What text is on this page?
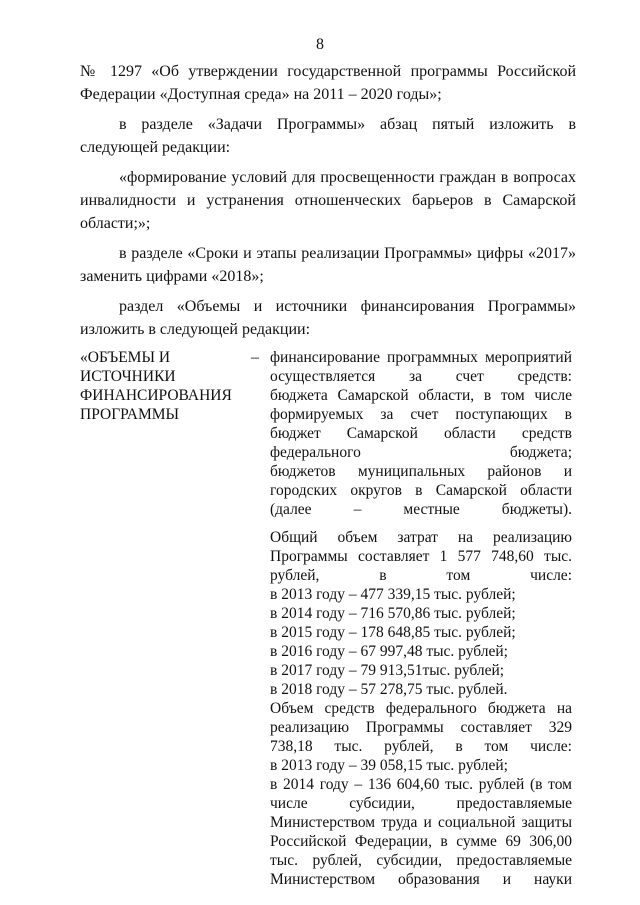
8

№ 1297 «Об утверждении государственной программы Российской Федерации «Доступная среда» на 2011 – 2020 годы»;

в разделе «Задачи Программы» абзац пятый изложить в следующей редакции:

«формирование условий для просвещенности граждан в вопросах инвалидности и устранения отношенческих барьеров в Самарской области;»;

в разделе «Сроки и этапы реализации Программы» цифры «2017» заменить цифрами «2018»;

раздел «Объемы и источники финансирования Программы» изложить в следующей редакции:

«ОБЪЕМЫ И ИСТОЧНИКИ ФИНАНСИРОВАНИЯ ПРОГРАММЫ
– финансирование программных мероприятий осуществляется за счет средств:
бюджета Самарской области, в том числе формируемых за счет поступающих в бюджет Самарской области средств федерального бюджета;
бюджетов муниципальных районов и городских округов в Самарской области (далее – местные бюджеты).
Общий объем затрат на реализацию Программы составляет 1 577 748,60 тыс. рублей, в том числе:
в 2013 году – 477 339,15 тыс. рублей;
в 2014 году – 716 570,86 тыс. рублей;
в 2015 году – 178 648,85 тыс. рублей;
в 2016 году – 67 997,48 тыс. рублей;
в 2017 году – 79 913,51тыс. рублей;
в 2018 году – 57 278,75 тыс. рублей.
Объем средств федерального бюджета на реализацию Программы составляет 329 738,18 тыс. рублей, в том числе:
в 2013 году – 39 058,15 тыс. рублей;
в 2014 году – 136 604,60 тыс. рублей (в том числе субсидии, предоставляемые Министерством труда и социальной защиты Российской Федерации, в сумме 69 306,00 тыс. рублей, субсидии, предоставляемые Министерством образования и науки
